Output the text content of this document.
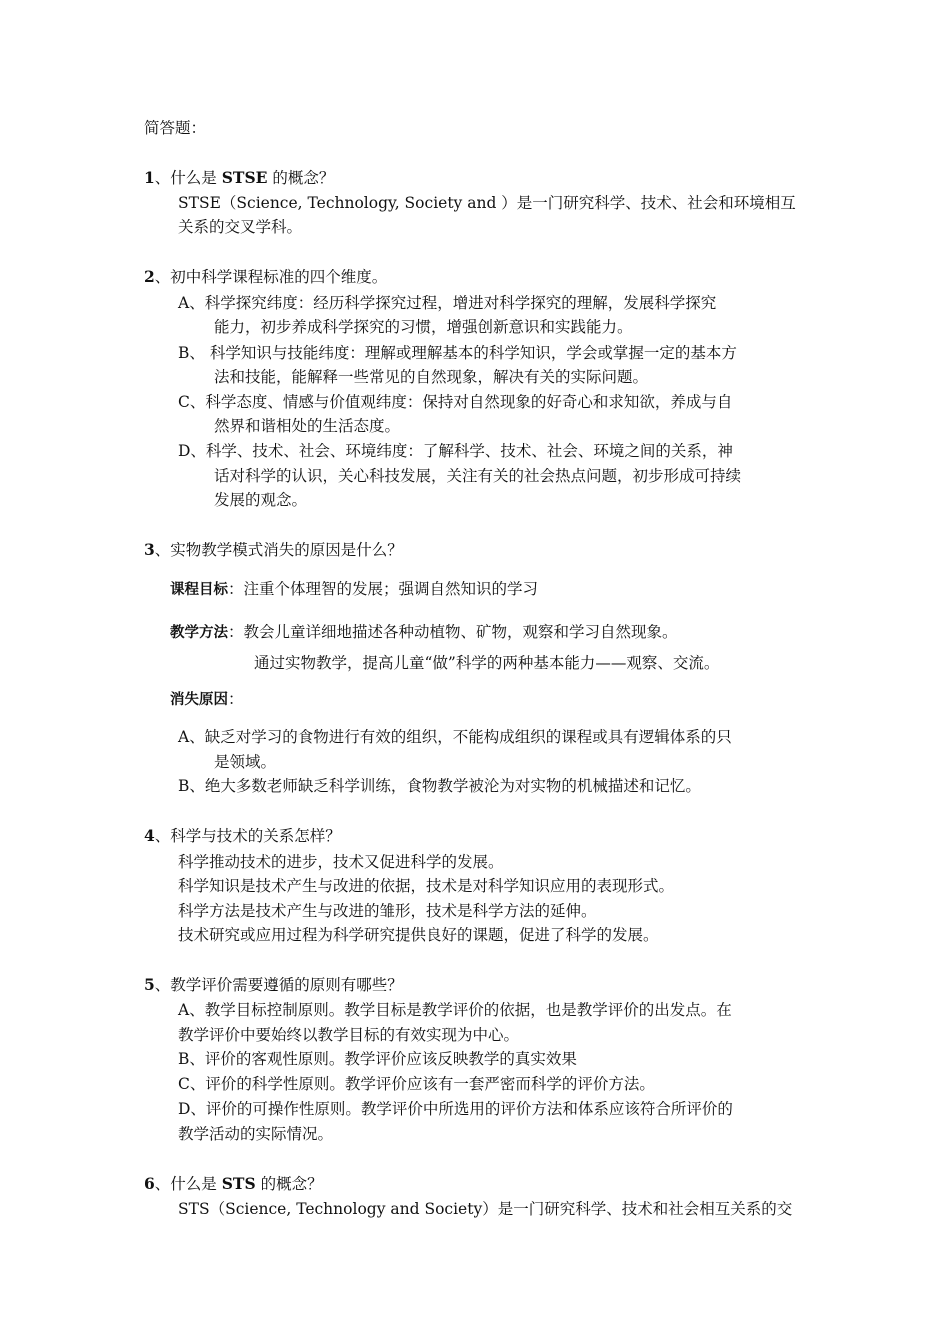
简答题：
1、什么是 STSE 的概念？
STSE（Science, Technology, Society and ）是一门研究科学、技术、社会和环境相互
关系的交叉学科。
2、初中科学课程标准的四个维度。
A、科学探究纬度：经历科学探究过程，增进对科学探究的理解，发展科学探究
能力，初步养成科学探究的习惯，增强创新意识和实践能力。
B、 科学知识与技能纬度：理解或理解基本的科学知识，学会或掌握一定的基本方
法和技能，能解释一些常见的自然现象，解决有关的实际问题。
C、科学态度、情感与价值观纬度：保持对自然现象的好奇心和求知欲，养成与自
然界和谐相处的生活态度。
D、科学、技术、社会、环境纬度：了解科学、技术、社会、环境之间的关系，神
话对科学的认识，关心科技发展，关注有关的社会热点问题，初步形成可持续
发展的观念。
3、实物教学模式消失的原因是什么？
课程目标：注重个体理智的发展；强调自然知识的学习
教学方法：教会儿童详细地描述各种动植物、矿物，观察和学习自然现象。
通过实物教学，提高儿童“做”科学的两种基本能力——观察、交流。
消失原因：
A、缺乏对学习的食物进行有效的组织，不能构成组织的课程或具有逻辑体系的只
是领域。
B、绝大多数老师缺乏科学训练，食物教学被沦为对实物的机械描述和记忆。
4、科学与技术的关系怎样？
科学推动技术的进步，技术又促进科学的发展。
科学知识是技术产生与改进的依据，技术是对科学知识应用的表现形式。
科学方法是技术产生与改进的雏形，技术是科学方法的延伸。
技术研究或应用过程为科学研究提供良好的课题，促进了科学的发展。
5、教学评价需要遵循的原则有哪些？
A、教学目标控制原则。教学目标是教学评价的依据，也是教学评价的出发点。在
教学评价中要始终以教学目标的有效实现为中心。
B、评价的客观性原则。教学评价应该反映教学的真实效果
C、评价的科学性原则。教学评价应该有一套严密而科学的评价方法。
D、评价的可操作性原则。教学评价中所选用的评价方法和体系应该符合所评价的
教学活动的实际情况。
6、什么是 STS 的概念？
STS（Science, Technology and Society）是一门研究科学、技术和社会相互关系的交
